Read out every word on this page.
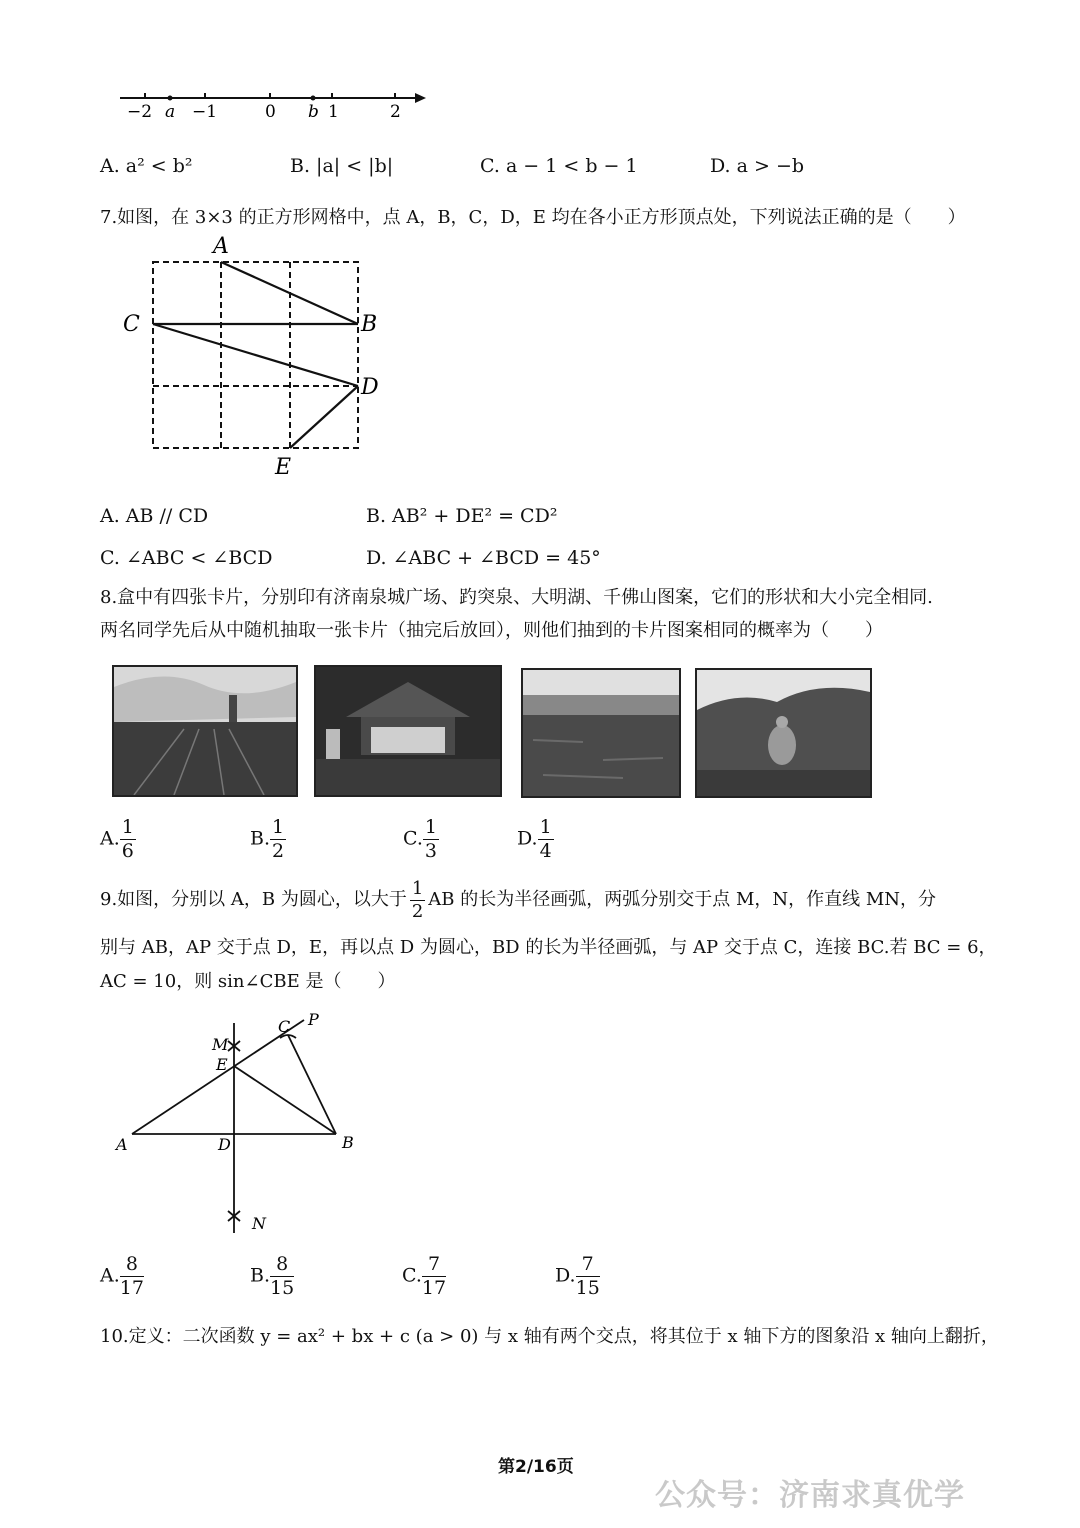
−2 a −1	0 b 1	2
A. a² < b²	B. |a| < |b|	C. a − 1 < b − 1	D. a > −b
7.如图，在 3×3 的正方形网格中，点 A，B，C，D，E 均在各小正方形顶点处，下列说法正确的是（　　）
A
B
C
D
E
A. AB // CD	B. AB² + DE² = CD²
C. ∠ABC < ∠BCD	D. ∠ABC + ∠BCD = 45°
8.盒中有四张卡片，分别印有济南泉城广场、趵突泉、大明湖、千佛山图案，它们的形状和大小完全相同.
两名同学先后从中随机抽取一张卡片（抽完后放回），则他们抽到的卡片图案相同的概率为（　　）
A. $\frac{1}{6}$	B. $\frac{1}{2}$	C. $\frac{1}{3}$	D. $\frac{1}{4}$
9.如图，分别以 A，B 为圆心，以大于 $\frac{1}{2}$ AB 的长为半径画弧，两弧分别交于点 M，N，作直线 MN，分
别与 AB，AP 交于点 D，E，再以点 D 为圆心，BD 的长为半径画弧，与 AP 交于点 C，连接 BC.若 BC = 6，
AC = 10，则 sin∠CBE 是（　　）
C P
M
E
A	D	B
N
A. $\frac{8}{17}$	B. $\frac{8}{15}$	C. $\frac{7}{17}$	D. $\frac{7}{15}$
10.定义：二次函数 y = ax² + bx + c (a > 0) 与 x 轴有两个交点，将其位于 x 轴下方的图象沿 x 轴向上翻折，
第2/16页
公众号：济南求真优学
